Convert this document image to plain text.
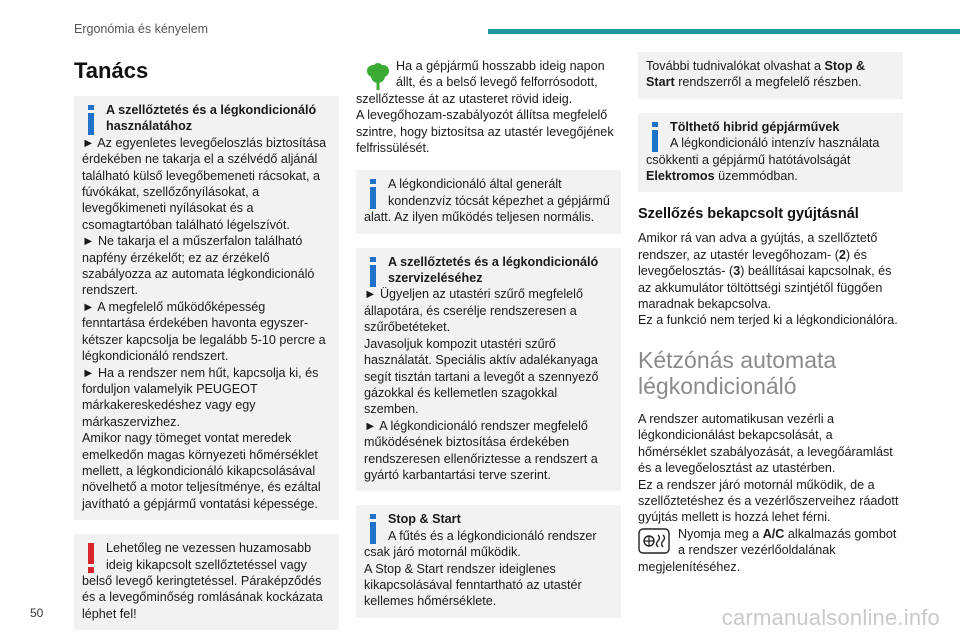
Ergonómia és kényelem
Tanács
A szellőztetés és a légkondicionáló használatához
► Az egyenletes levegőeloszlás biztosítása érdekében ne takarja el a szélvédő aljánál található külső levegőbemeneti rácsokat, a fúvókákat, szellőzőnyílásokat, a levegőkimeneti nyílásokat és a csomagtartóban található légelszívót.
► Ne takarja el a műszerfalon található napfény érzékelőt; ez az érzékelő szabályozza az automata légkondicionáló rendszert.
► A megfelelő működőképesség fenntartása érdekében havonta egyszer-kétszer kapcsolja be legalább 5-10 percre a légkondicionáló rendszert.
► Ha a rendszer nem hűt, kapcsolja ki, és forduljon valamelyik PEUGEOT márkakereskedéshez vagy egy márkaszervizhez.
Amikor nagy tömeget vontat meredek emelkedőn magas környezeti hőmérséklet mellett, a légkondicionáló kikapcsolásával növelhető a motor teljesítménye, és ezáltal javítható a gépjármű vontatási képessége.
Lehetőleg ne vezessen huzamosabb ideig kikapcsolt szellőztetéssel vagy
belső levegő keringtetéssel. Páraképződés és a levegőminőség romlásának kockázata léphet fel!
Ha a gépjármű hosszabb ideig napon állt, és a belső levegő felforrósodott,
szellőztesse át az utasteret rövid ideig.
A levegőhozam-szabályozót állítsa megfelelő szintre, hogy biztosítsa az utastér levegőjének felfrissülését.
A légkondicionáló által generált kondenzvíz tócsát képezhet a gépjármű
alatt. Az ilyen működés teljesen normális.
A szellőztetés és a légkondicionáló szervizeléséhez
► Ügyeljen az utastéri szűrő megfelelő állapotára, és cserélje rendszeresen a szűrőbetéteket.
Javasoljuk kompozit utastéri szűrő használatát. Speciális aktív adalékanyaga segít tisztán tartani a levegőt a szennyező gázokkal és kellemetlen szagokkal szemben.
► A légkondicionáló rendszer megfelelő működésének biztosítása érdekében rendszeresen ellenőriztesse a rendszert a gyártó karbantartási terve szerint.
Stop & Start
A fűtés és a légkondicionáló rendszer
csak járó motornál működik.
A Stop & Start rendszer ideiglenes kikapcsolásával fenntartható az utastér kellemes hőmérséklete.
További tudnivalókat olvashat a Stop & Start rendszerről a megfelelő részben.
Tölthető hibrid gépjárművek
A légkondicionáló intenzív használata
csökkenti a gépjármű hatótávolságát Elektromos üzemmódban.
Szellőzés bekapcsolt gyújtásnál
Amikor rá van adva a gyújtás, a szellőztető rendszer, az utastér levegőhozam- (2) és levegőelosztás- (3) beállításai kapcsolnak, és az akkumulátor töltöttségi szintjétől függően maradnak bekapcsolva.
Ez a funkció nem terjed ki a légkondicionálóra.
Kétzónás automata légkondicionáló
A rendszer automatikusan vezérli a légkondicionálást bekapcsolását, a hőmérséklet szabályozását, a levegőáramlást és a levegőelosztást az utastérben.
Ez a rendszer járó motornál működik, de a szellőztetéshez és a vezérlőszerveihez ráadott gyújtás mellett is hozzá lehet férni.
Nyomja meg a A/C alkalmazás gombot a rendszer vezérlőoldalának
megjelenítéséhez.
50	carmanualsonline.info
